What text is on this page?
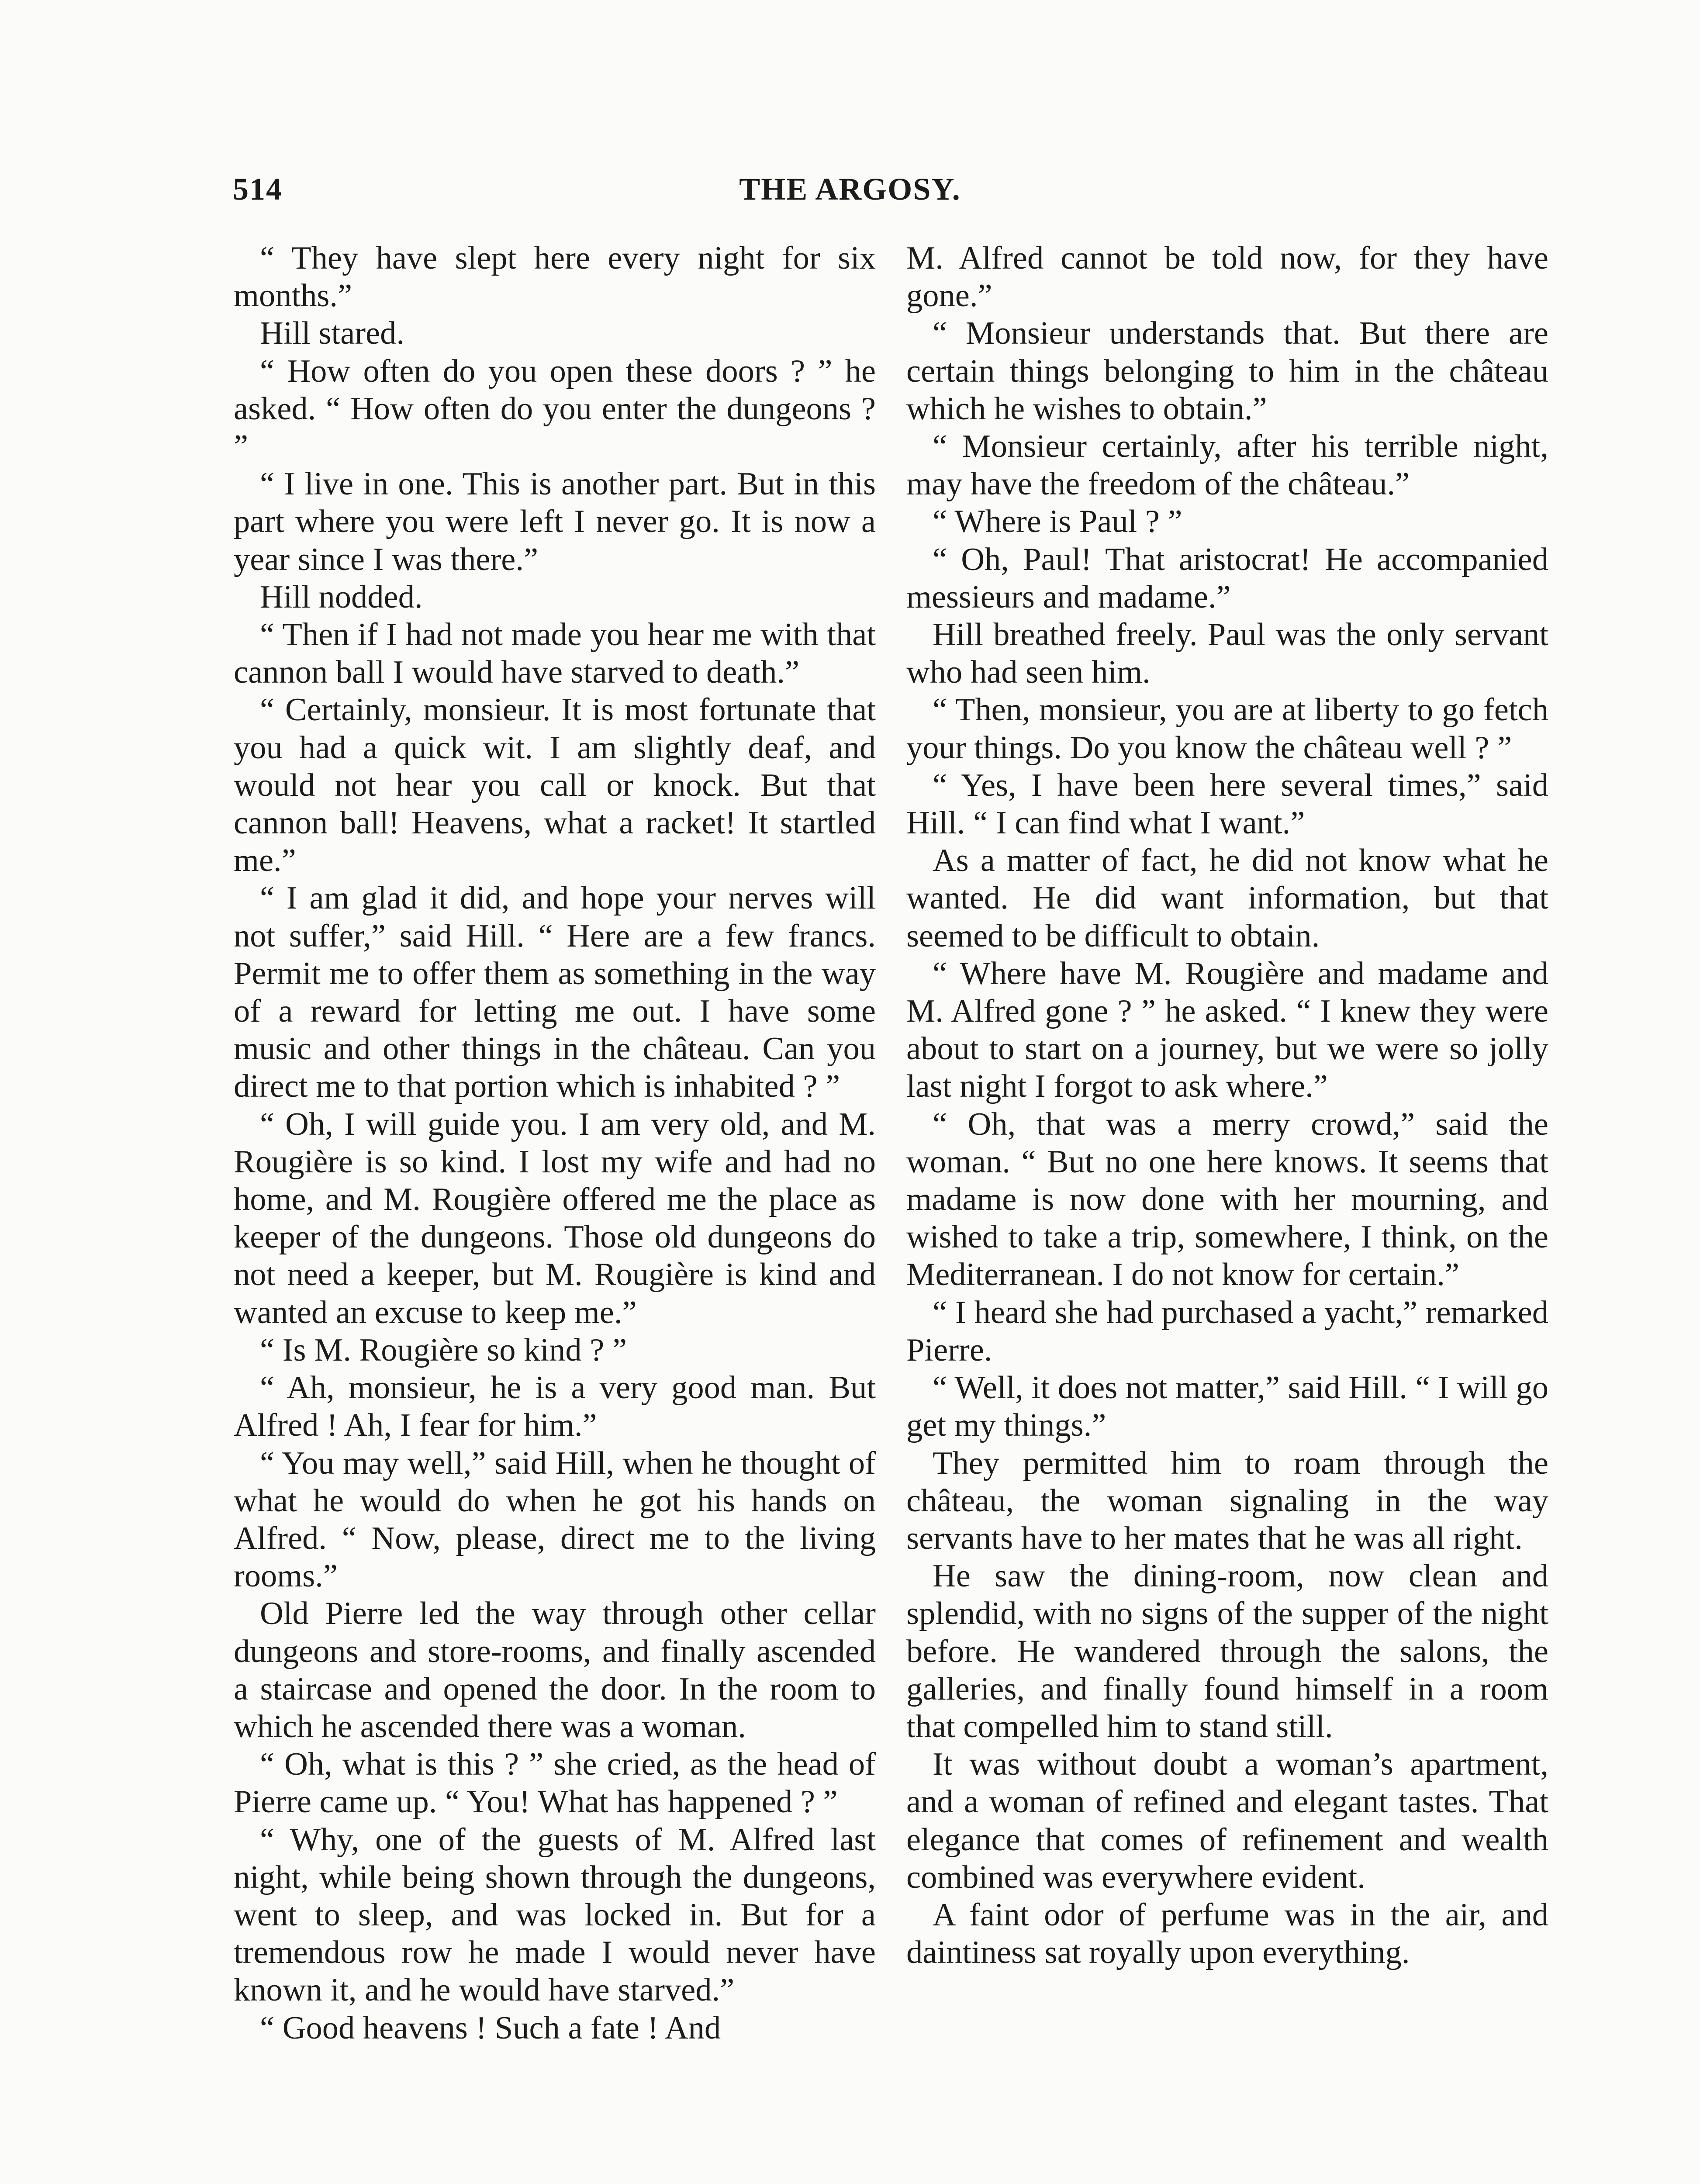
514	THE ARGOSY.

“ They have slept here every night for six months.”

Hill stared.

“ How often do you open these doors ? ” he asked. “ How often do you enter the dungeons ? ”

“ I live in one. This is another part. But in this part where you were left I never go. It is now a year since I was there.”

Hill nodded.

“ Then if I had not made you hear me with that cannon ball I would have starved to death.”

“ Certainly, monsieur. It is most fortunate that you had a quick wit. I am slightly deaf, and would not hear you call or knock. But that cannon ball! Heavens, what a racket! It startled me.”

“ I am glad it did, and hope your nerves will not suffer,” said Hill. “ Here are a few francs. Permit me to offer them as something in the way of a reward for letting me out. I have some music and other things in the château. Can you direct me to that portion which is inhabited ? ”

“ Oh, I will guide you. I am very old, and M. Rougière is so kind. I lost my wife and had no home, and M. Rougière offered me the place as keeper of the dungeons. Those old dungeons do not need a keeper, but M. Rougière is kind and wanted an excuse to keep me.”

“ Is M. Rougière so kind ? ”

“ Ah, monsieur, he is a very good man. But Alfred ! Ah, I fear for him.”

“ You may well,” said Hill, when he thought of what he would do when he got his hands on Alfred. “ Now, please, direct me to the living rooms.”

Old Pierre led the way through other cellar dungeons and store-rooms, and finally ascended a staircase and opened the door. In the room to which he ascended there was a woman.

“ Oh, what is this ? ” she cried, as the head of Pierre came up. “ You! What has happened ? ”

“ Why, one of the guests of M. Alfred last night, while being shown through the dungeons, went to sleep, and was locked in. But for a tremendous row he made I would never have known it, and he would have starved.”

“ Good heavens ! Such a fate ! And

M. Alfred cannot be told now, for they have gone.”

“ Monsieur understands that. But there are certain things belonging to him in the château which he wishes to obtain.”

“ Monsieur certainly, after his terrible night, may have the freedom of the château.”

“ Where is Paul ? ”

“ Oh, Paul! That aristocrat! He accompanied messieurs and madame.”

Hill breathed freely. Paul was the only servant who had seen him.

“ Then, monsieur, you are at liberty to go fetch your things. Do you know the château well ? ”

“ Yes, I have been here several times,” said Hill. “ I can find what I want.”

As a matter of fact, he did not know what he wanted. He did want information, but that seemed to be difficult to obtain.

“ Where have M. Rougière and madame and M. Alfred gone ? ” he asked. “ I knew they were about to start on a journey, but we were so jolly last night I forgot to ask where.”

“ Oh, that was a merry crowd,” said the woman. “ But no one here knows. It seems that madame is now done with her mourning, and wished to take a trip, somewhere, I think, on the Mediterranean. I do not know for certain.”

“ I heard she had purchased a yacht,” remarked Pierre.

“ Well, it does not matter,” said Hill. “ I will go get my things.”

They permitted him to roam through the château, the woman signaling in the way servants have to her mates that he was all right.

He saw the dining-room, now clean and splendid, with no signs of the supper of the night before. He wandered through the salons, the galleries, and finally found himself in a room that compelled him to stand still.

It was without doubt a woman’s apartment, and a woman of refined and elegant tastes. That elegance that comes of refinement and wealth combined was everywhere evident.

A faint odor of perfume was in the air, and daintiness sat royally upon everything.
